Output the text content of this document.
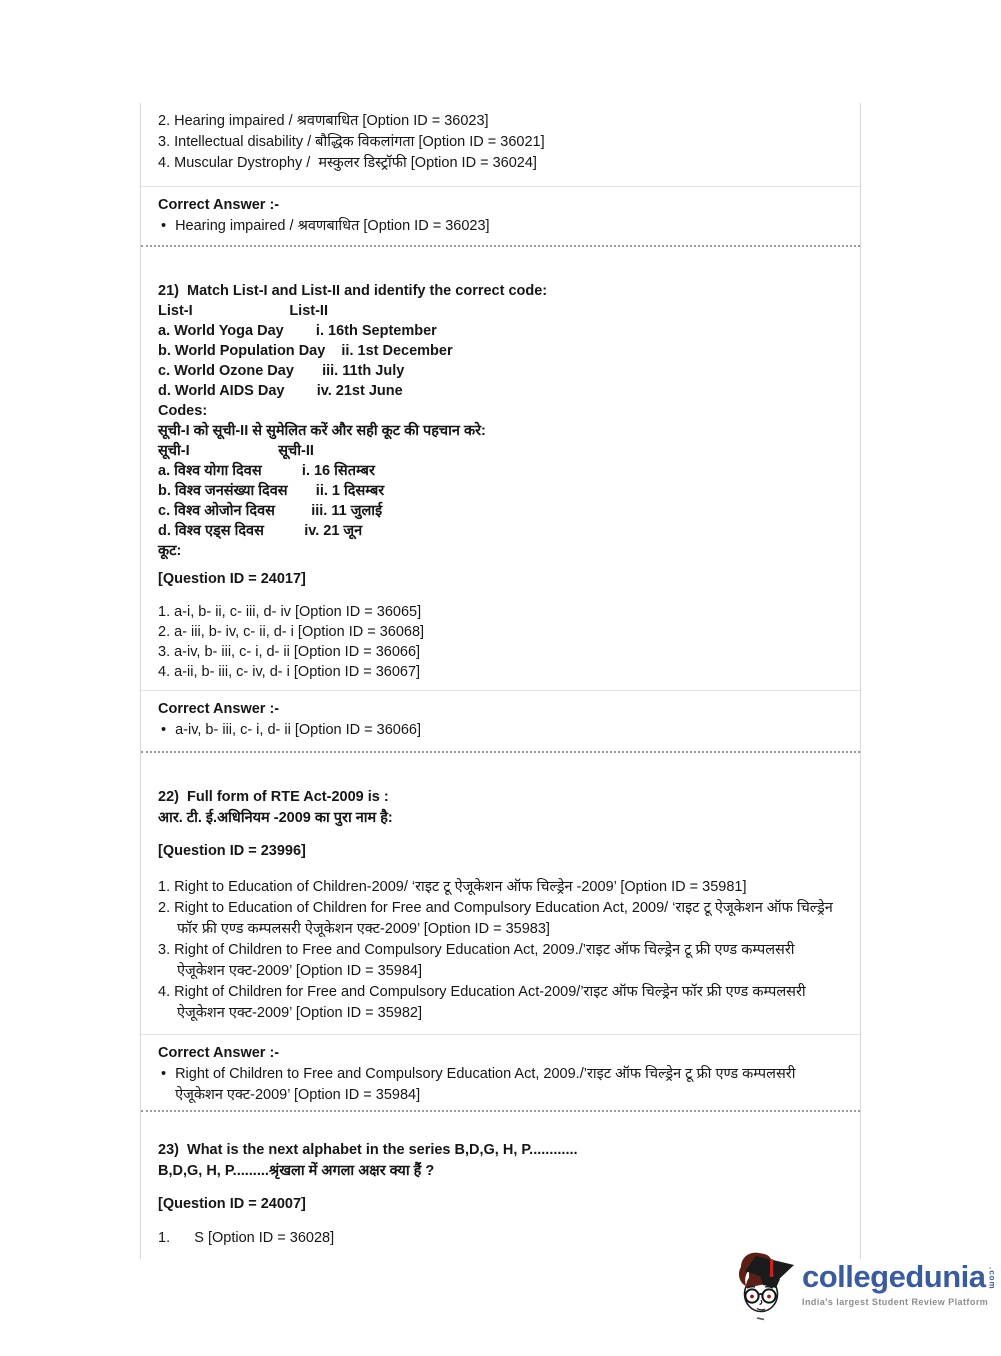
2. Hearing impaired / श्रवणबाधित [Option ID = 36023]
3. Intellectual disability / बौद्धिक विकलांगता [Option ID = 36021]
4. Muscular Dystrophy /  मस्कुलर डिस्ट्रॉफी [Option ID = 36024]
Correct Answer :-
• Hearing impaired / श्रवणबाधित [Option ID = 36023]
21)  Match List-I and List-II and identify the correct code:
List-I                        List-II
a. World Yoga Day        i. 16th September
b. World Population Day    ii. 1st December
c. World Ozone Day       iii. 11th July
d. World AIDS Day        iv. 21st June
Codes:
सूची-I को सूची-II से सुमेलित करें और सही कूट की पहचान करे:
सूची-I                      सूची-II
a. विश्व योगा दिवस          i. 16 सितम्बर
b. विश्व जनसंख्या दिवस       ii. 1 दिसम्बर
c. विश्व ओजोन दिवस         iii. 11 जुलाई
d. विश्व एड्स दिवस          iv. 21 जून
कूट:
[Question ID = 24017]
1. a-i, b- ii, c- iii, d- iv [Option ID = 36065]
2. a- iii, b- iv, c- ii, d- i [Option ID = 36068]
3. a-iv, b- iii, c- i, d- ii [Option ID = 36066]
4. a-ii, b- iii, c- iv, d- i [Option ID = 36067]
Correct Answer :-
• a-iv, b- iii, c- i, d- ii [Option ID = 36066]
22)  Full form of RTE Act-2009 is :
आर. टी. ई.अधिनियम -2009 का पुरा नाम है:
[Question ID = 23996]
1. Right to Education of Children-2009/ ‘राइट टू ऐजूकेशन ऑफ चिल्ड्रेन -2009’ [Option ID = 35981]
2. Right to Education of Children for Free and Compulsory Education Act, 2009/ ‘राइट टू ऐजूकेशन ऑफ चिल्ड्रेन फॉर फ्री एण्ड कम्पलसरी ऐजूकेशन एक्ट-2009’ [Option ID = 35983]
3. Right of Children to Free and Compulsory Education Act, 2009./’राइट ऑफ चिल्ड्रेन टू फ्री एण्ड कम्पलसरी ऐजूकेशन एक्ट-2009’ [Option ID = 35984]
4. Right of Children for Free and Compulsory Education Act-2009/’राइट ऑफ चिल्ड्रेन फॉर फ्री एण्ड कम्पलसरी ऐजूकेशन एक्ट-2009’ [Option ID = 35982]
Correct Answer :-
• Right of Children to Free and Compulsory Education Act, 2009./’राइट ऑफ चिल्ड्रेन टू फ्री एण्ड कम्पलसरी ऐजूकेशन एक्ट-2009’ [Option ID = 35984]
23)  What is the next alphabet in the series B,D,G, H, P............
B,D,G, H, P.........श्रृंखला में अगला अक्षर क्या हैं ?
[Question ID = 24007]
1.      S [Option ID = 36028]
collegedunia .com
India's largest Student Review Platform
